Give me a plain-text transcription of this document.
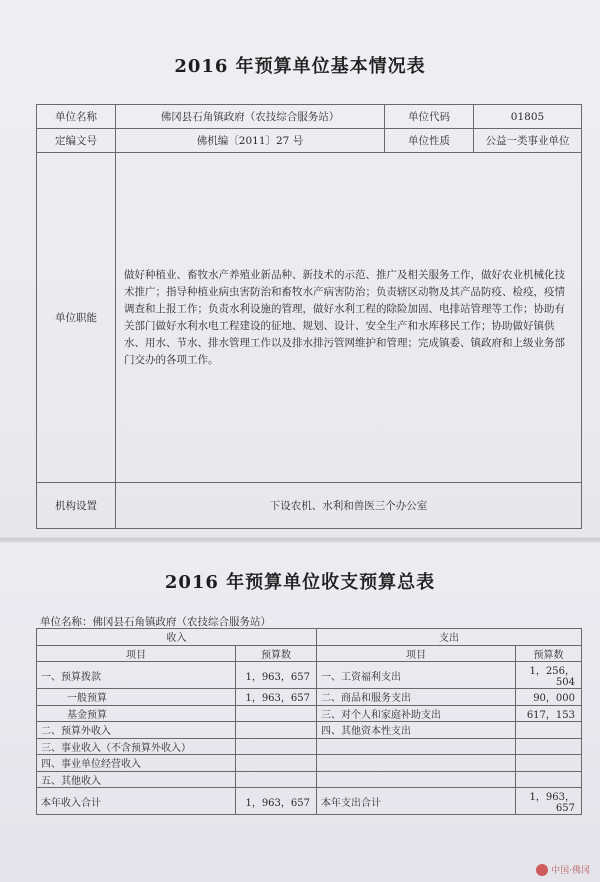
2016 年预算单位基本情况表
单位名称	佛冈县石角镇政府（农技综合服务站）	单位代码	01805
定编文号	佛机编〔2011〕27 号	单位性质	公益一类事业单位
单位职能	做好种植业、畜牧水产养殖业新品种、新技术的示范、推广及相关服务工作，做好农业机械化技术推广；指导种植业病虫害防治和畜牧水产病害防治；负责辖区动物及其产品防疫、检疫，疫情调查和上报工作；负责水利设施的管理，做好水利工程的除险加固、电排站管理等工作；协助有关部门做好水利水电工程建设的征地、规划、设计、安全生产和水库移民工作；协助做好镇供水、用水、节水、排水管理工作以及排水排污管网维护和管理；完成镇委、镇政府和上级业务部门交办的各项工作。		
机构设置	下设农机、水利和兽医三个办公室		
2016 年预算单位收支预算总表
单位名称：佛冈县石角镇政府（农技综合服务站）
收入		支出	
项目	预算数	项目	预算数
一、预算拨款	1，963，657	一、工资福利支出	1，256，504
一般预算	1，963，657	二、商品和服务支出	90，000
基金预算		三、对个人和家庭补助支出	617，153
二、预算外收入		四、其他资本性支出	
三、事业收入（不含预算外收入）			
四、事业单位经营收入			
五、其他收入			
本年收入合计	1，963，657	本年支出合计	1，963，657
中国·佛冈
